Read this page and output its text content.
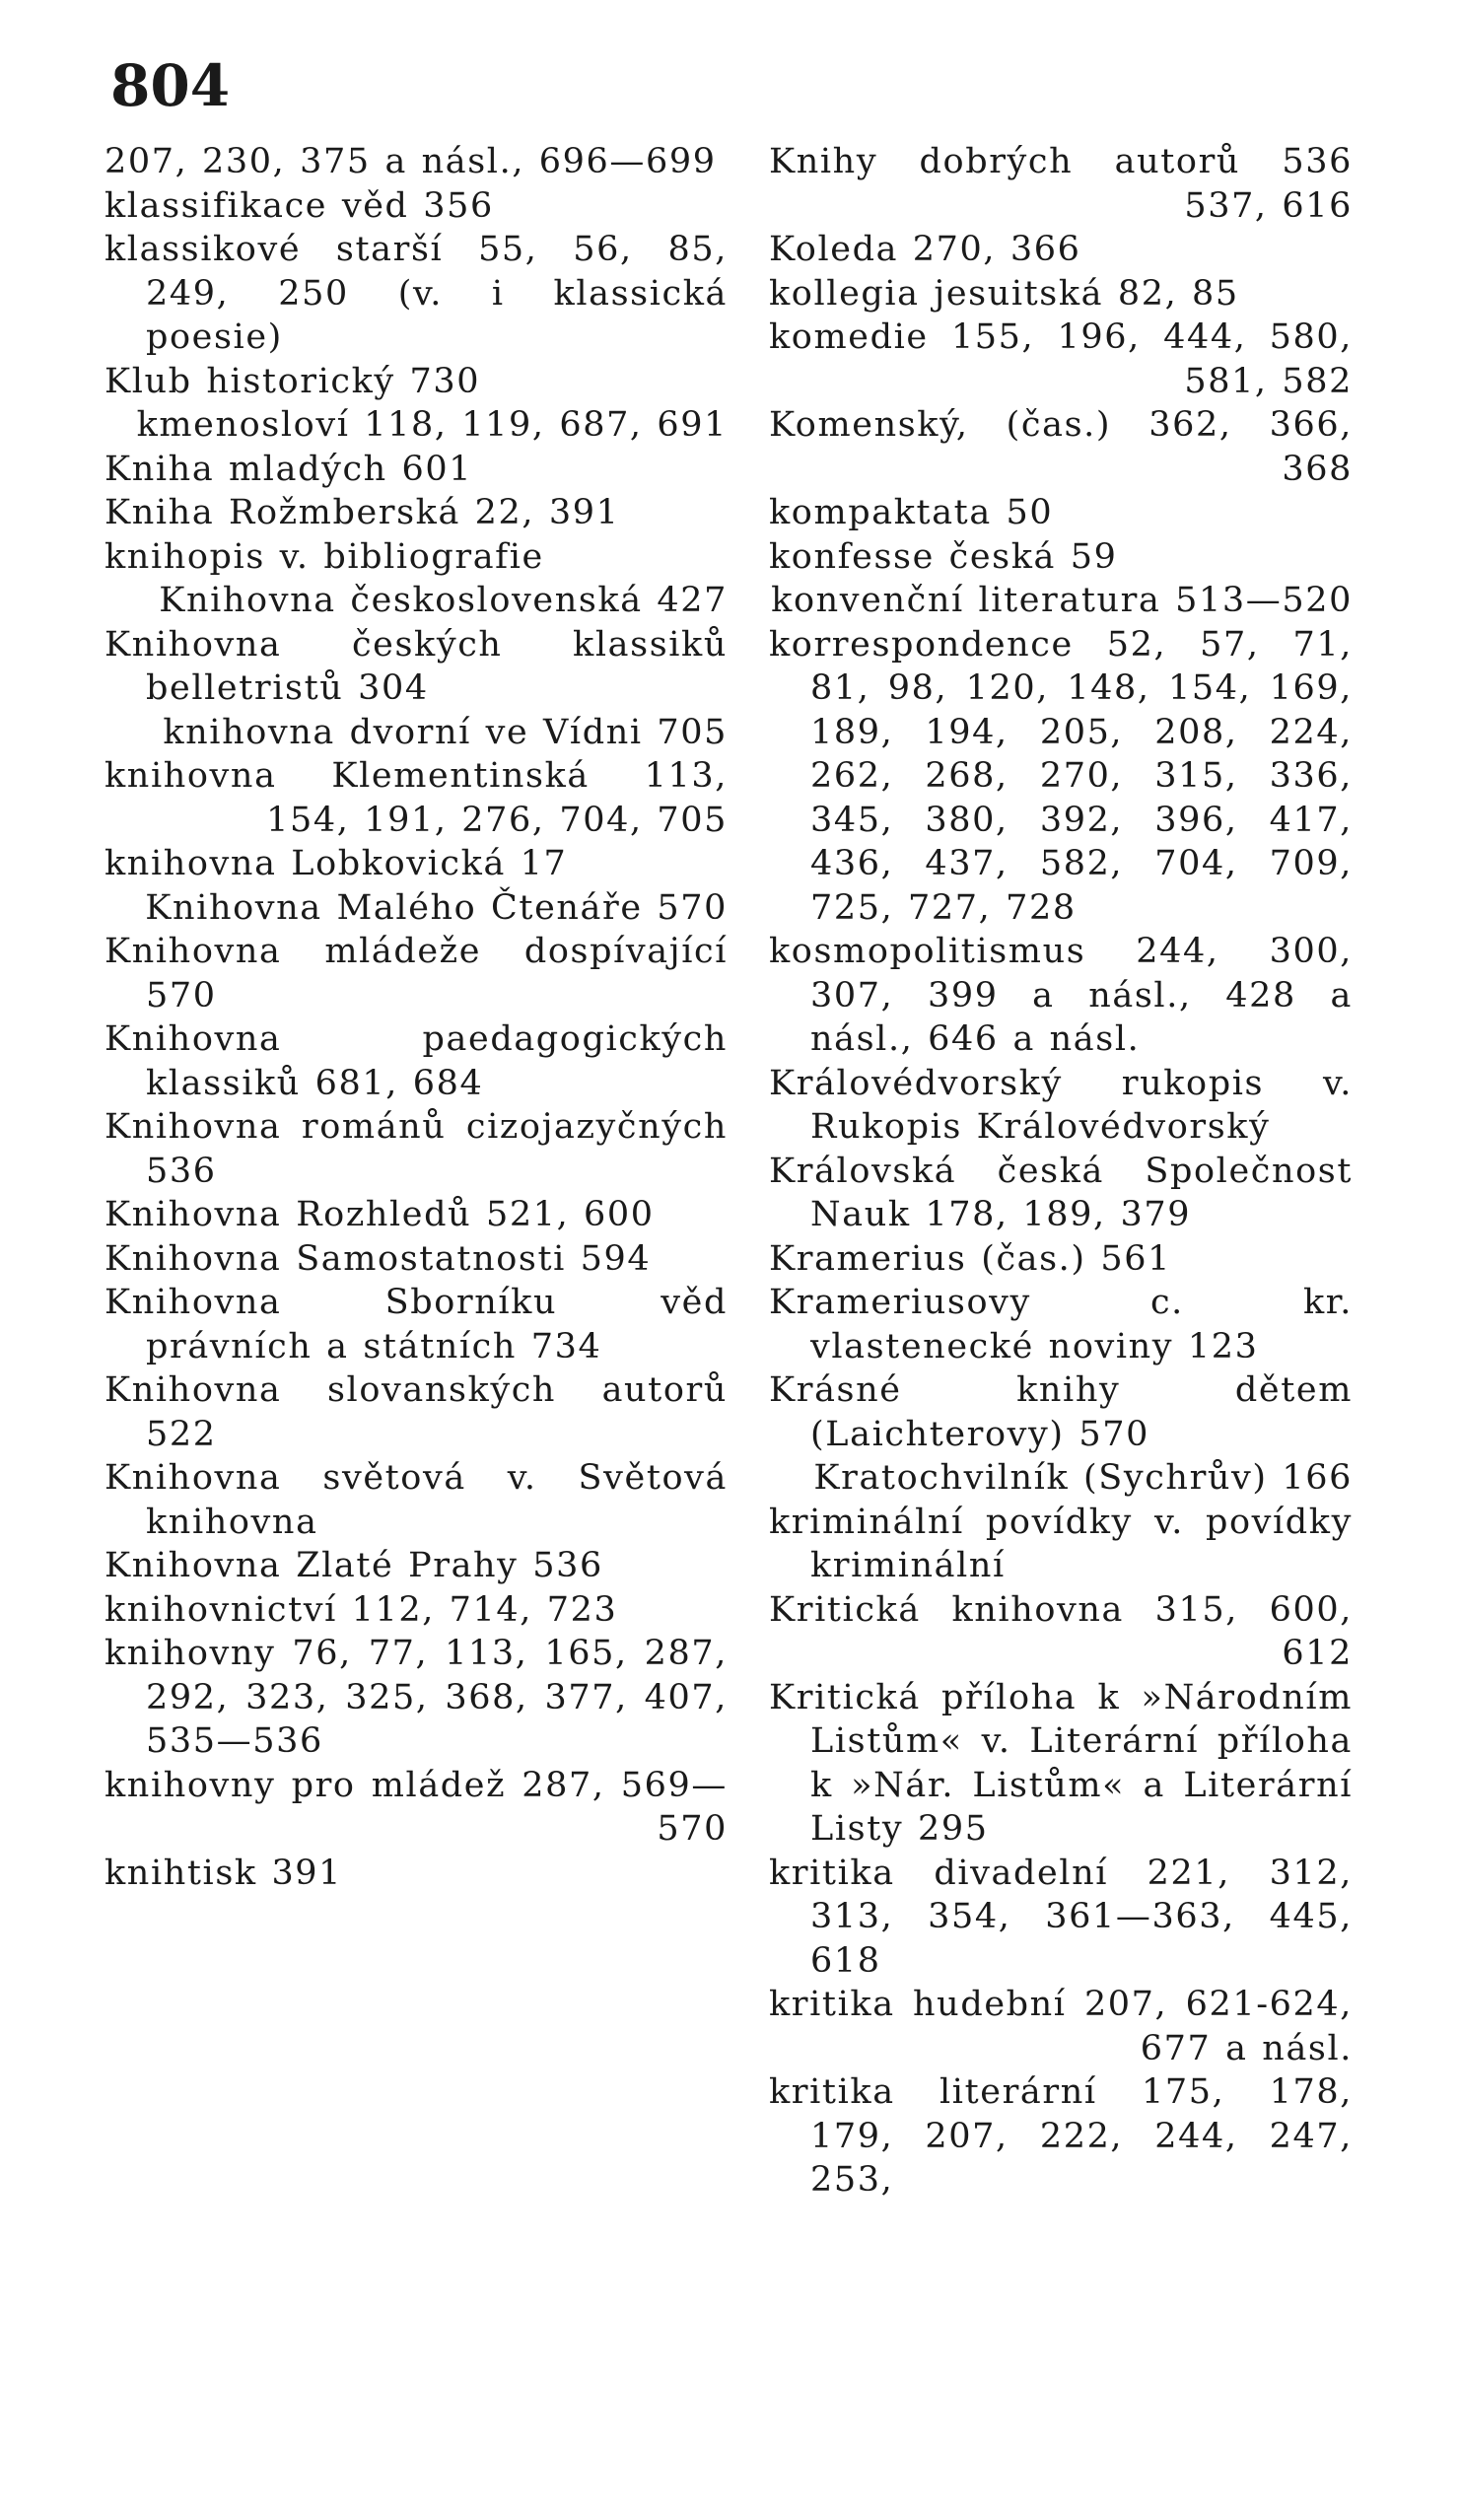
804

207, 230, 375 a násl., 696—699

klassifikace věd 356

klassikové starší 55, 56, 85, 249, 250 (v. i klassická poesie)

Klub historický 730

kmenosloví 118, 119, 687, 691

Kniha mladých 601

Kniha Rožmberská 22, 391

knihopis v. bibliografie

Knihovna československá 427

Knihovna českých klassiků belletristů 304

knihovna dvorní ve Vídni 705

knihovna Klementinská 113, 154, 191, 276, 704, 705

knihovna Lobkovická 17

Knihovna Malého Čtenáře 570

Knihovna mládeže dospívající 570

Knihovna paedagogických klassiků 681, 684

Knihovna románů cizojazyčných 536

Knihovna Rozhledů 521, 600

Knihovna Samostatnosti 594

Knihovna Sborníku věd právních a státních 734

Knihovna slovanských autorů 522

Knihovna světová v. Světová knihovna

Knihovna Zlaté Prahy 536

knihovnictví 112, 714, 723

knihovny 76, 77, 113, 165, 287, 292, 323, 325, 368, 377, 407, 535—536

knihovny pro mládež 287, 569—570

knihtisk 391

Knihy dobrých autorů 536 537, 616

Koleda 270, 366

kollegia jesuitská 82, 85

komedie 155, 196, 444, 580, 581, 582

Komenský, (čas.) 362, 366, 368

kompaktata 50

konfesse česká 59

konvenční literatura 513—520

korrespondence 52, 57, 71, 81, 98, 120, 148, 154, 169, 189, 194, 205, 208, 224, 262, 268, 270, 315, 336, 345, 380, 392, 396, 417, 436, 437, 582, 704, 709, 725, 727, 728

kosmopolitismus 244, 300, 307, 399 a násl., 428 a násl., 646 a násl.

Královédvorský rukopis v. Rukopis Královédvorský

Královská česká Společnost Nauk 178, 189, 379

Kramerius (čas.) 561

Krameriusovy c. kr. vlastenecké noviny 123

Krásné knihy dětem (Laichterovy) 570

Kratochvilník (Sychrův) 166

kriminální povídky v. povídky kriminální

Kritická knihovna 315, 600, 612

Kritická příloha k »Národním Listům« v. Literární příloha k »Nár. Listům« a Literární Listy 295

kritika divadelní 221, 312, 313, 354, 361—363, 445, 618

kritika hudební 207, 621-624, 677 a násl.

kritika literární 175, 178, 179, 207, 222, 244, 247, 253,
